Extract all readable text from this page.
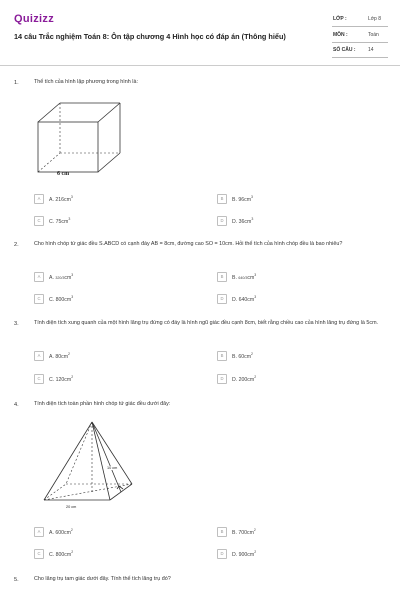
Quizizz
14 câu Trắc nghiệm Toán 8: Ôn tập chương 4 Hình học có đáp án (Thông hiểu)
LỚP :	Lớp 8
MÔN :	Toán
SỐ CÂU :	14
1.	Thể tích của hình lập phương trong hình là:
6 cm
A	A. $216cm^3$	B	B. $96cm^3$
C	C. $75cm^3$	D	D. $36cm^3$
2.	Cho hình chóp tứ giác đều S.ABCD có cạnh đáy AB = 8cm, đường cao SO = 10cm. Hỏi thể tích của hình chóp đều là bao nhiêu?
A	A. $320/3cm^3$	B	B. $640/3cm^3$
C	C. $800cm^3$	D	D. $640cm^3$
3.	Tính diện tích xung quanh của một hình lăng trụ đứng có đáy là hình ngũ giác đều cạnh 8cm, biết rằng chiều cao của hình lăng trụ đứng là 5cm.
A	A. $80cm^2$	B	B. $60cm^2$
C	C. $120cm^2$	D	D. $200cm^2$
4.	Tính diện tích toàn phần hình chóp tứ giác đều dưới đây:
10 cm
20 cm
A	A. $600cm^2$	B	B. $700cm^2$
C	C. $800cm^2$	D	D. $900cm^2$
5.	Cho lăng trụ tam giác dưới đây. Tính thể tích lăng trụ đó?
